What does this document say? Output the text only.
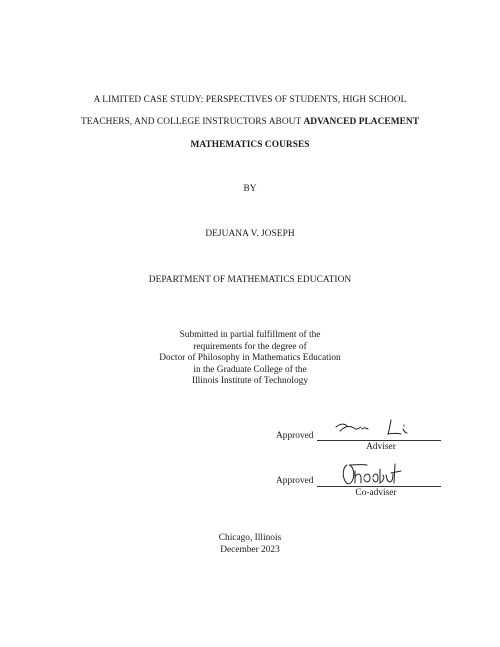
A LIMITED CASE STUDY: PERSPECTIVES OF STUDENTS, HIGH SCHOOL
TEACHERS, AND COLLEGE INSTRUCTORS ABOUT ADVANCED PLACEMENT
MATHEMATICS COURSES
BY
DEJUANA V. JOSEPH
DEPARTMENT OF MATHEMATICS EDUCATION
Submitted in partial fulfillment of the
requirements for the degree of
Doctor of Philosophy in Mathematics Education
in the Graduate College of the
Illinois Institute of Technology
Approved
Adviser
Approved
Co-adviser
Chicago, Illinois
December 2023
